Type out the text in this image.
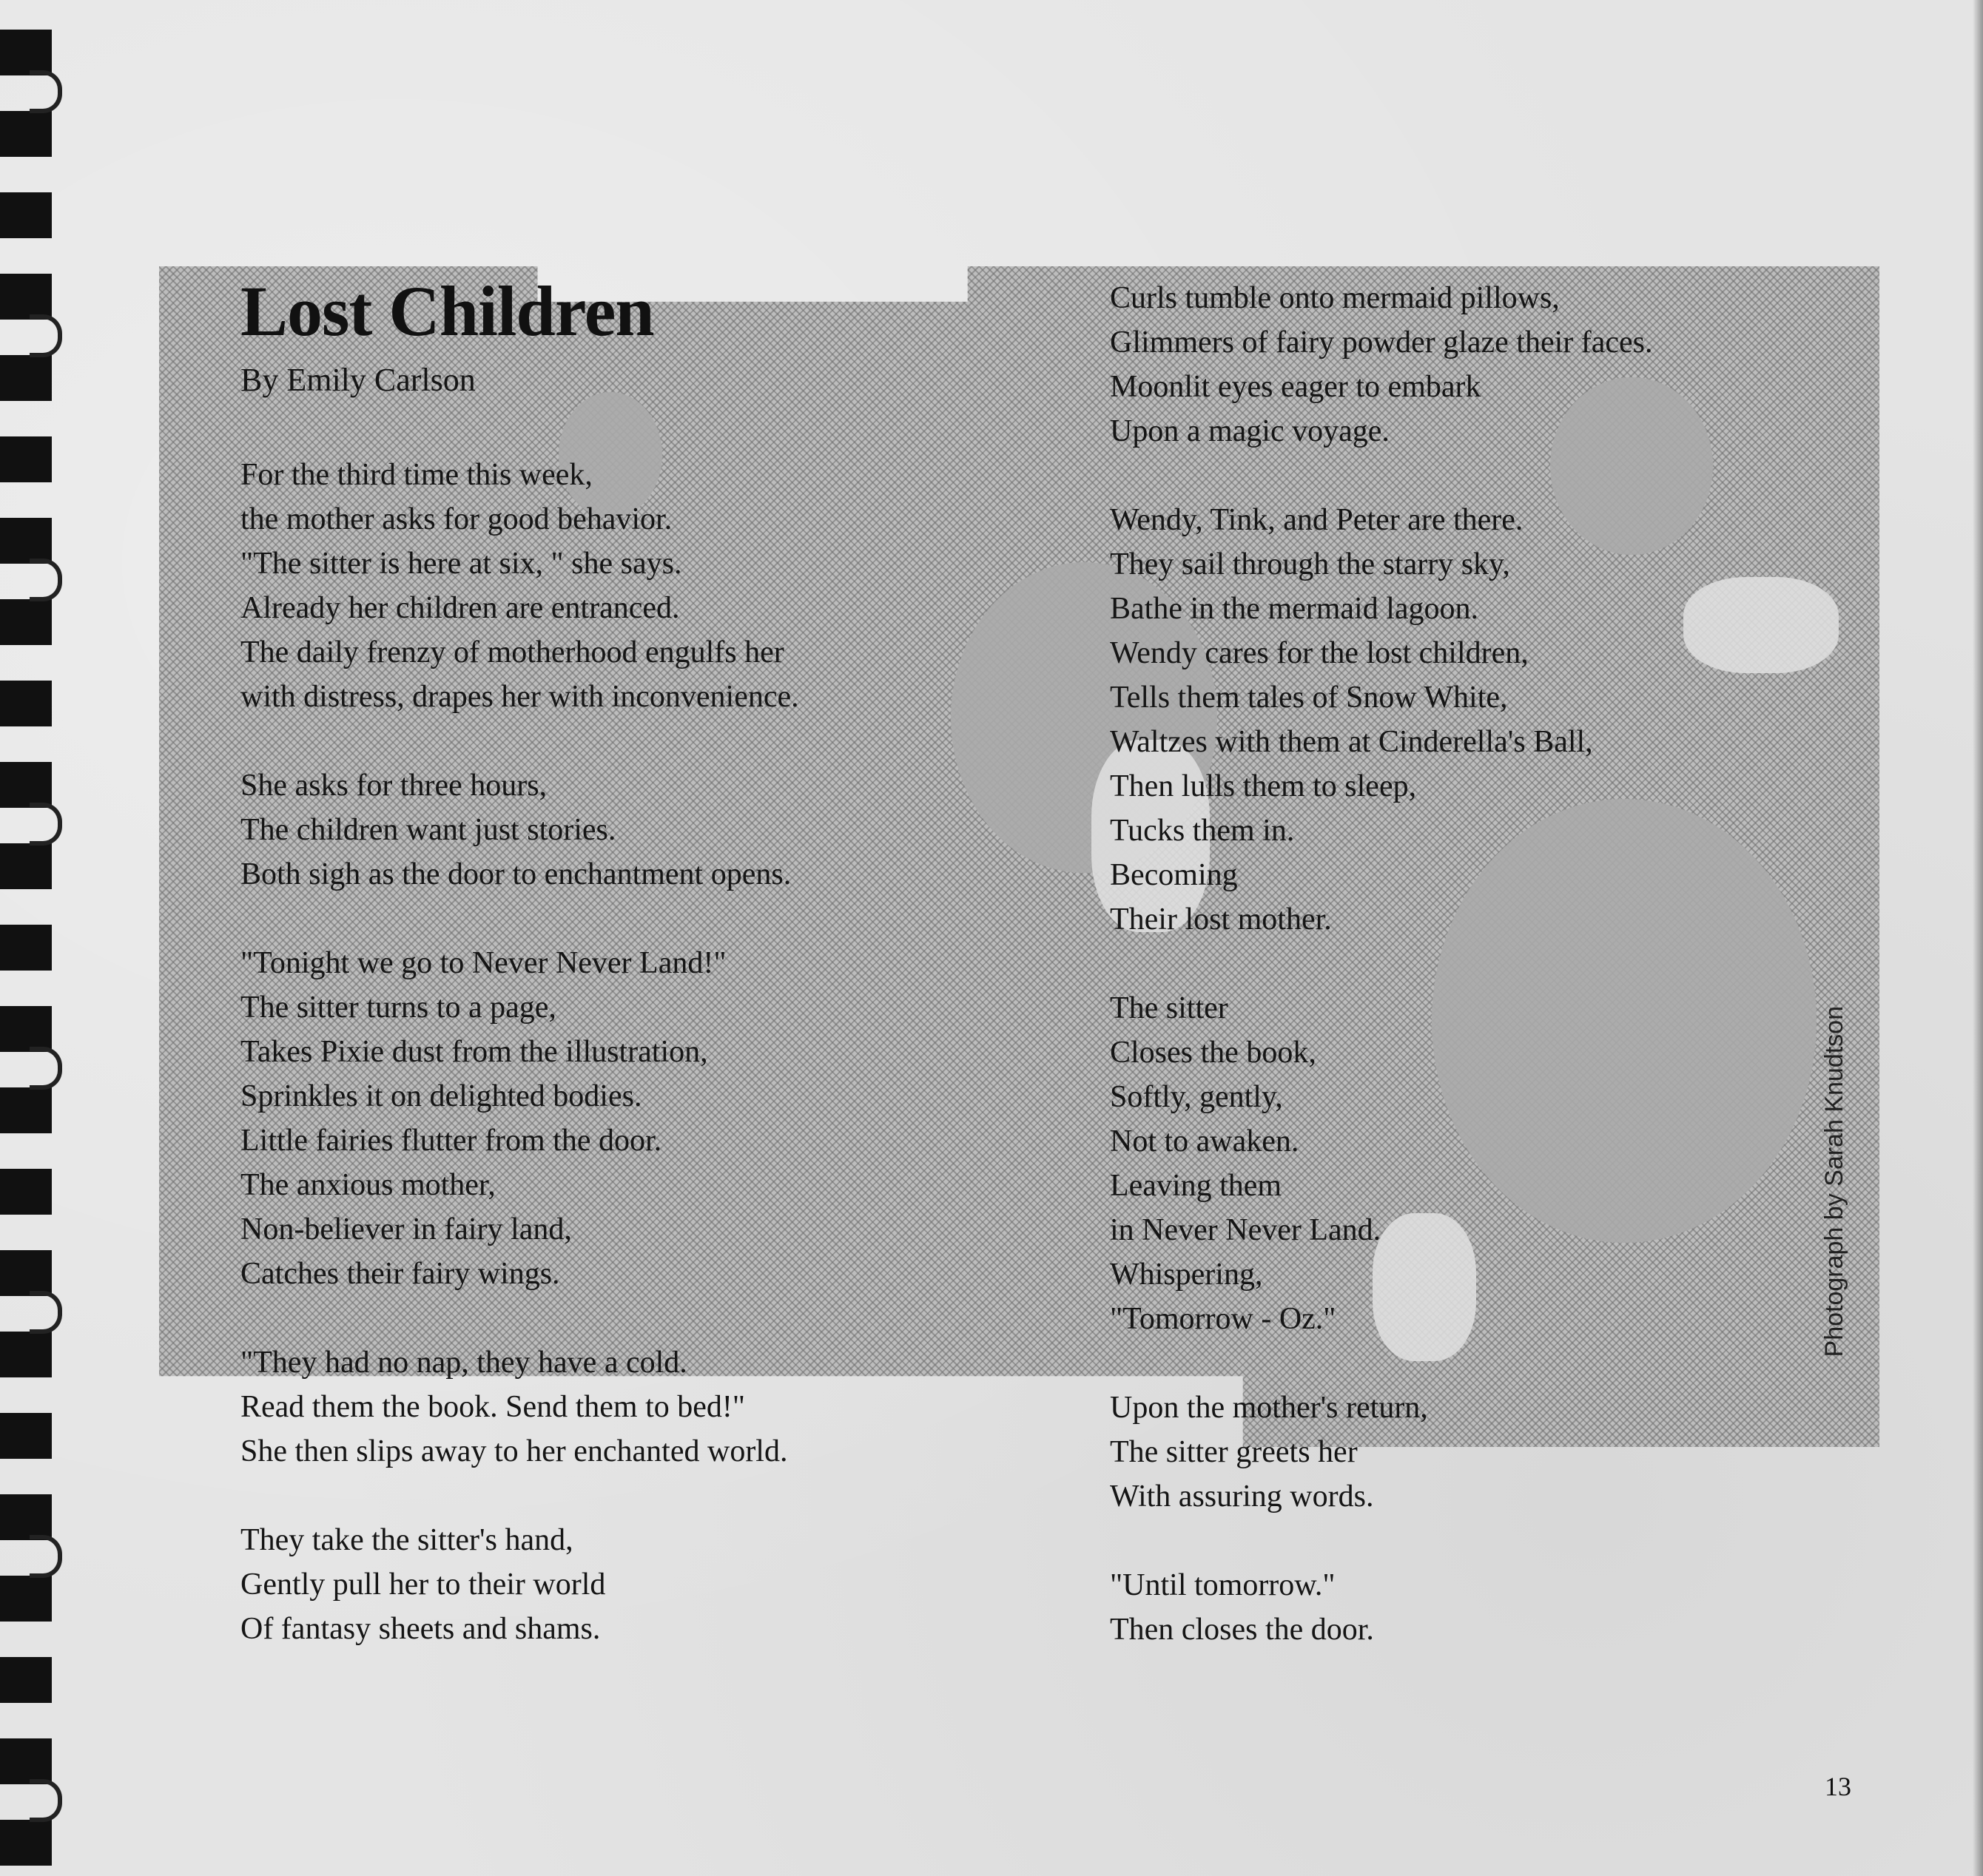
Photograph by Sarah Knudtson
Lost Children

By Emily Carlson

For the third time this week,
the mother asks for good behavior.
"The sitter is here at six, " she says.
Already her children are entranced.
The daily frenzy of motherhood engulfs her
with distress, drapes her with inconvenience.

She asks for three hours,
The children want just stories.
Both sigh as the door to enchantment opens.

"Tonight we go to Never Never Land!"
The sitter turns to a page,
Takes Pixie dust from the illustration,
Sprinkles it on delighted bodies.
Little fairies flutter from the door.
The anxious mother,
Non-believer in fairy land,
Catches their fairy wings.

"They had no nap, they have a cold.
Read them the book. Send them to bed!"
She then slips away to her enchanted world.

They take the sitter's hand,
Gently pull her to their world
Of fantasy sheets and shams.

Curls tumble onto mermaid pillows,
Glimmers of fairy powder glaze their faces.
Moonlit eyes eager to embark
Upon a magic voyage.

Wendy, Tink, and Peter are there.
They sail through the starry sky,
Bathe in the mermaid lagoon.
Wendy cares for the lost children,
Tells them tales of Snow White,
Waltzes with them at Cinderella's Ball,
Then lulls them to sleep,
Tucks them in.
Becoming
Their lost mother.

The sitter
Closes the book,
Softly, gently,
Not to awaken.
Leaving them
in Never Never Land.
Whispering,
"Tomorrow - Oz."

Upon the mother's return,
The sitter greets her
With assuring words.

"Until tomorrow."
Then closes the door.

13
